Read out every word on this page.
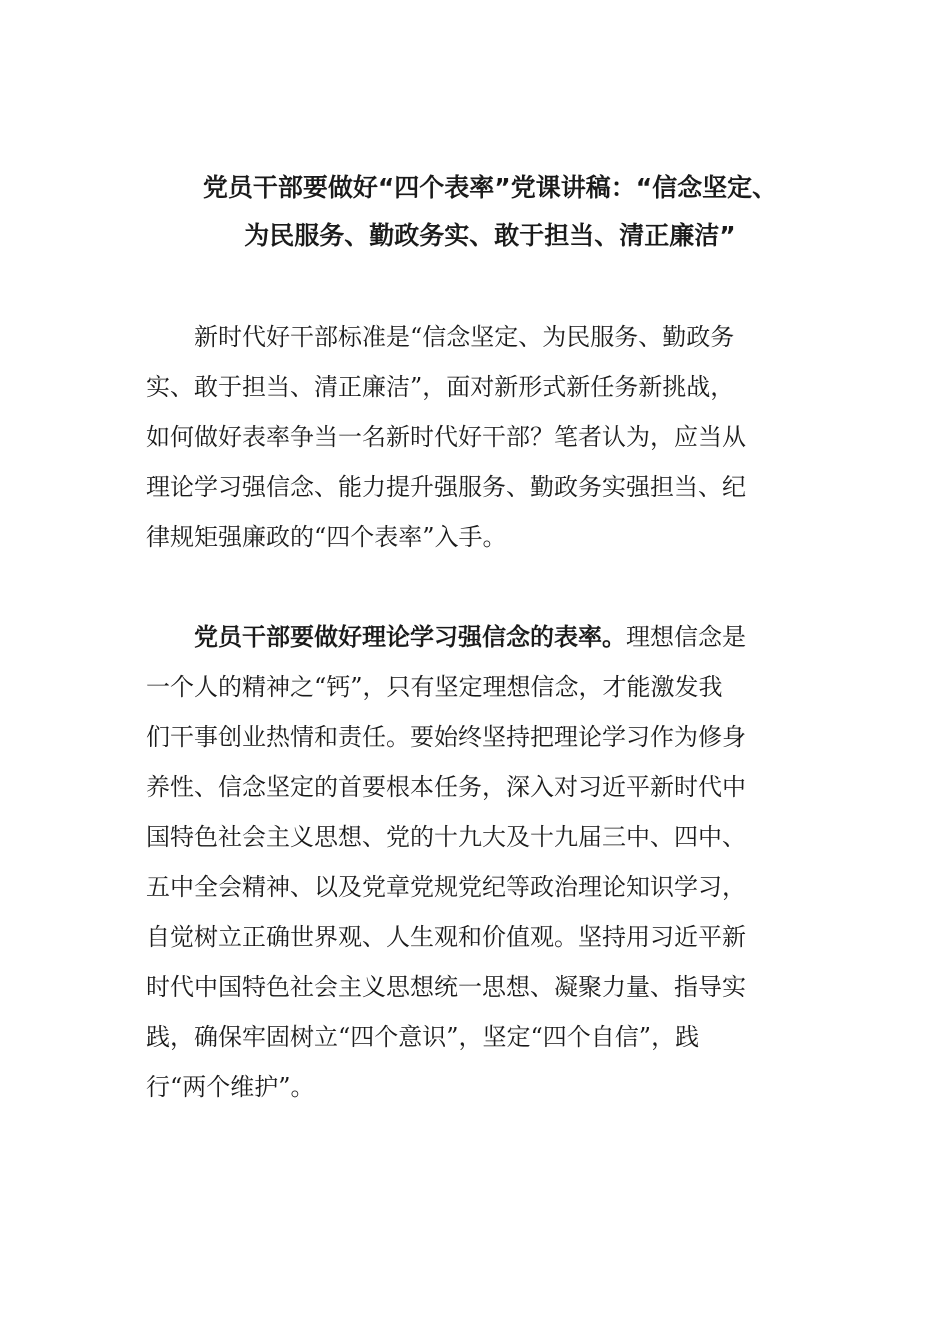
党员干部要做好“四个表率”党课讲稿：“信念坚定、
为民服务、勤政务实、敢于担当、清正廉洁”

新时代好干部标准是“信念坚定、为民服务、勤政务
实、敢于担当、清正廉洁”，面对新形式新任务新挑战，
如何做好表率争当一名新时代好干部？笔者认为，应当从
理论学习强信念、能力提升强服务、勤政务实强担当、纪
律规矩强廉政的“四个表率”入手。

党员干部要做好理论学习强信念的表率。理想信念是
一个人的精神之“钙”，只有坚定理想信念，才能激发我
们干事创业热情和责任。要始终坚持把理论学习作为修身
养性、信念坚定的首要根本任务，深入对习近平新时代中
国特色社会主义思想、党的十九大及十九届三中、四中、
五中全会精神、以及党章党规党纪等政治理论知识学习，
自觉树立正确世界观、人生观和价值观。坚持用习近平新
时代中国特色社会主义思想统一思想、凝聚力量、指导实
践，确保牢固树立“四个意识”，坚定“四个自信”，践
行“两个维护”。
